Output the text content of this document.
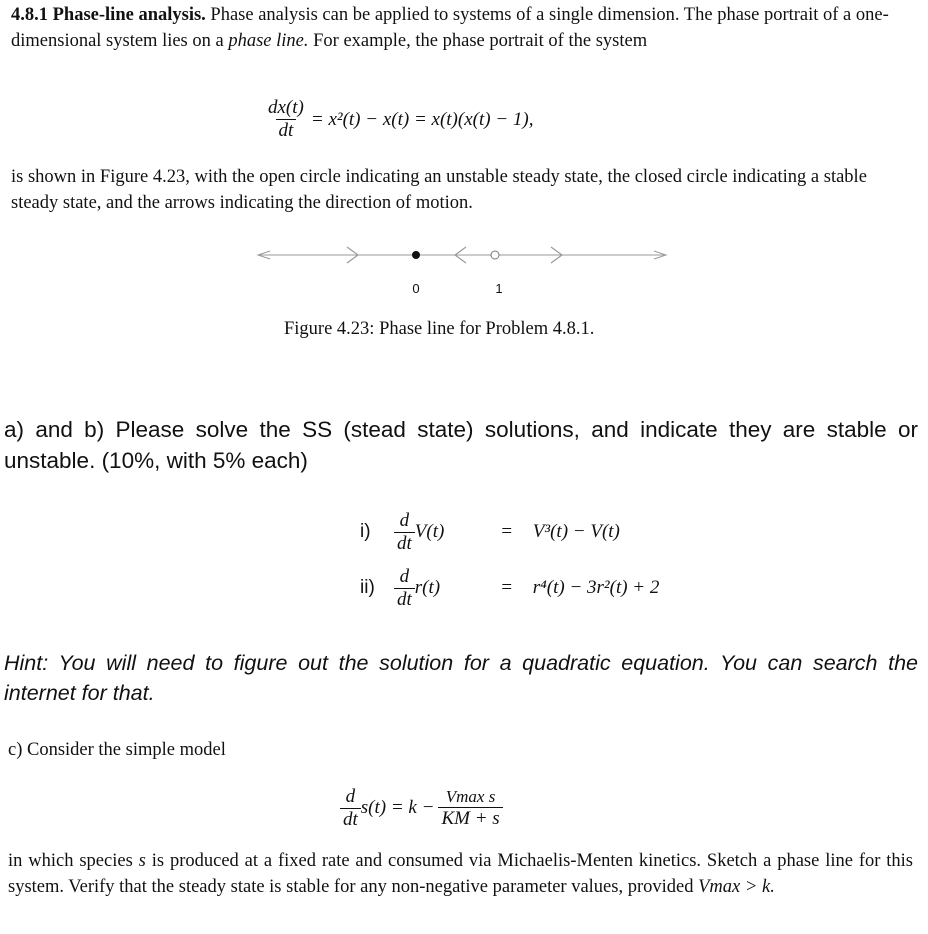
4.8.1 Phase-line analysis. Phase analysis can be applied to systems of a single dimension. The phase portrait of a one-dimensional system lies on a phase line. For example, the phase portrait of the system

$\frac{dx(t)}{dt} = x^2(t) - x(t) = x(t)(x(t) - 1)$,

is shown in Figure 4.23, with the open circle indicating an unstable steady state, the closed circle indicating a stable steady state, and the arrows indicating the direction of motion.

0	1
Figure 4.23: Phase line for Problem 4.8.1.

a) and b) Please solve the SS (stead state) solutions, and indicate they are stable or unstable. (10%, with 5% each)

i)	$\frac{d}{dt} V(t)$	=	V³(t) − V(t)
ii)	$\frac{d}{dt} r(t)$	=	r⁴(t) − 3r²(t) + 2

Hint: You will need to figure out the solution for a quadratic equation. You can search the internet for that.

c) Consider the simple model
$\frac{d}{dt} s(t) = k - \frac{\text{Vmax s}}{KM + s}$

in which species s is produced at a fixed rate and consumed via Michaelis-Menten kinetics. Sketch a phase line for this system. Verify that the steady state is stable for any non-negative parameter values, provided Vmax > k.
